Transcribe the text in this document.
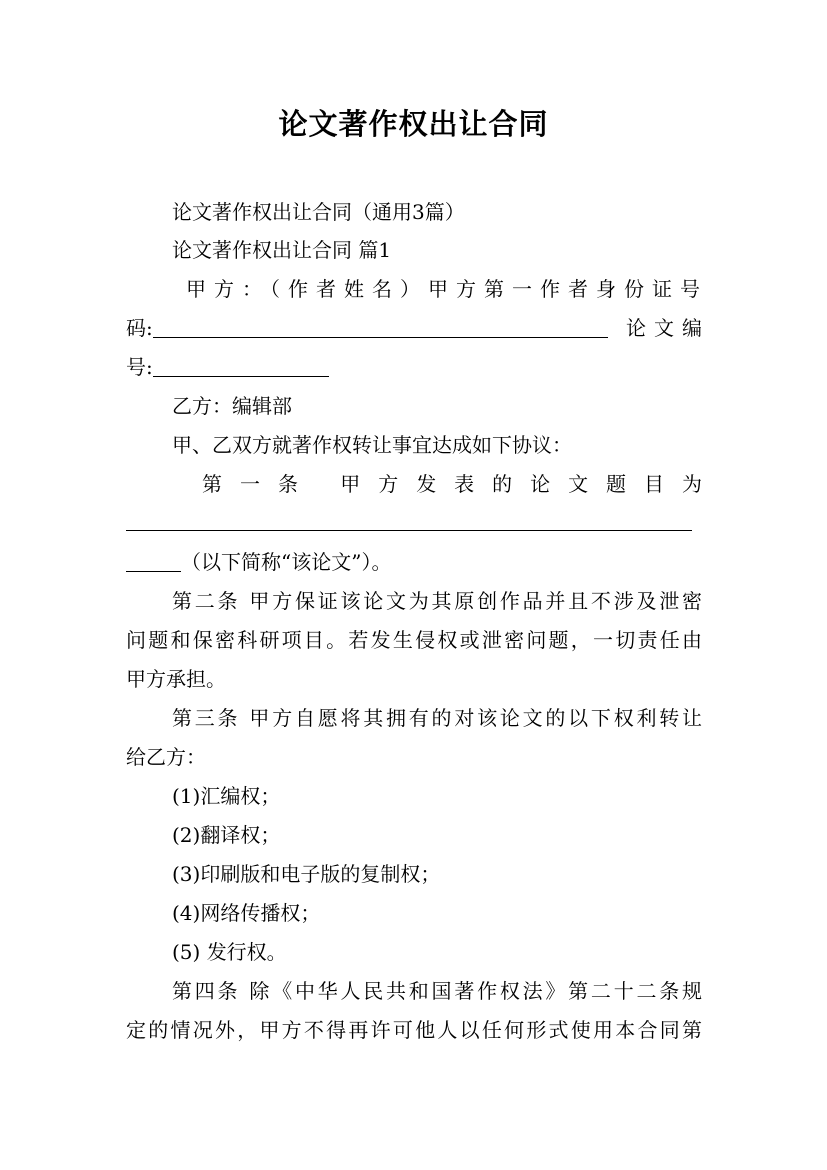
论文著作权出让合同
论文著作权出让合同（通用3篇）
论文著作权出让合同 篇1
甲方：（作者姓名）甲方第一作者身份证号
码:	论文编
号:
乙方：编辑部
甲、乙双方就著作权转让事宜达成如下协议：
第一条 甲方发表的论文题目为
（以下简称“该论文”）。
第二条 甲方保证该论文为其原创作品并且不涉及泄密
问题和保密科研项目。若发生侵权或泄密问题，一切责任由
甲方承担。
第三条 甲方自愿将其拥有的对该论文的以下权利转让
给乙方：
(1)汇编权；
(2)翻译权；
(3)印刷版和电子版的复制权；
(4)网络传播权；
(5) 发行权。
第四条 除《中华人民共和国著作权法》第二十二条规
定的情况外，甲方不得再许可他人以任何形式使用本合同第
